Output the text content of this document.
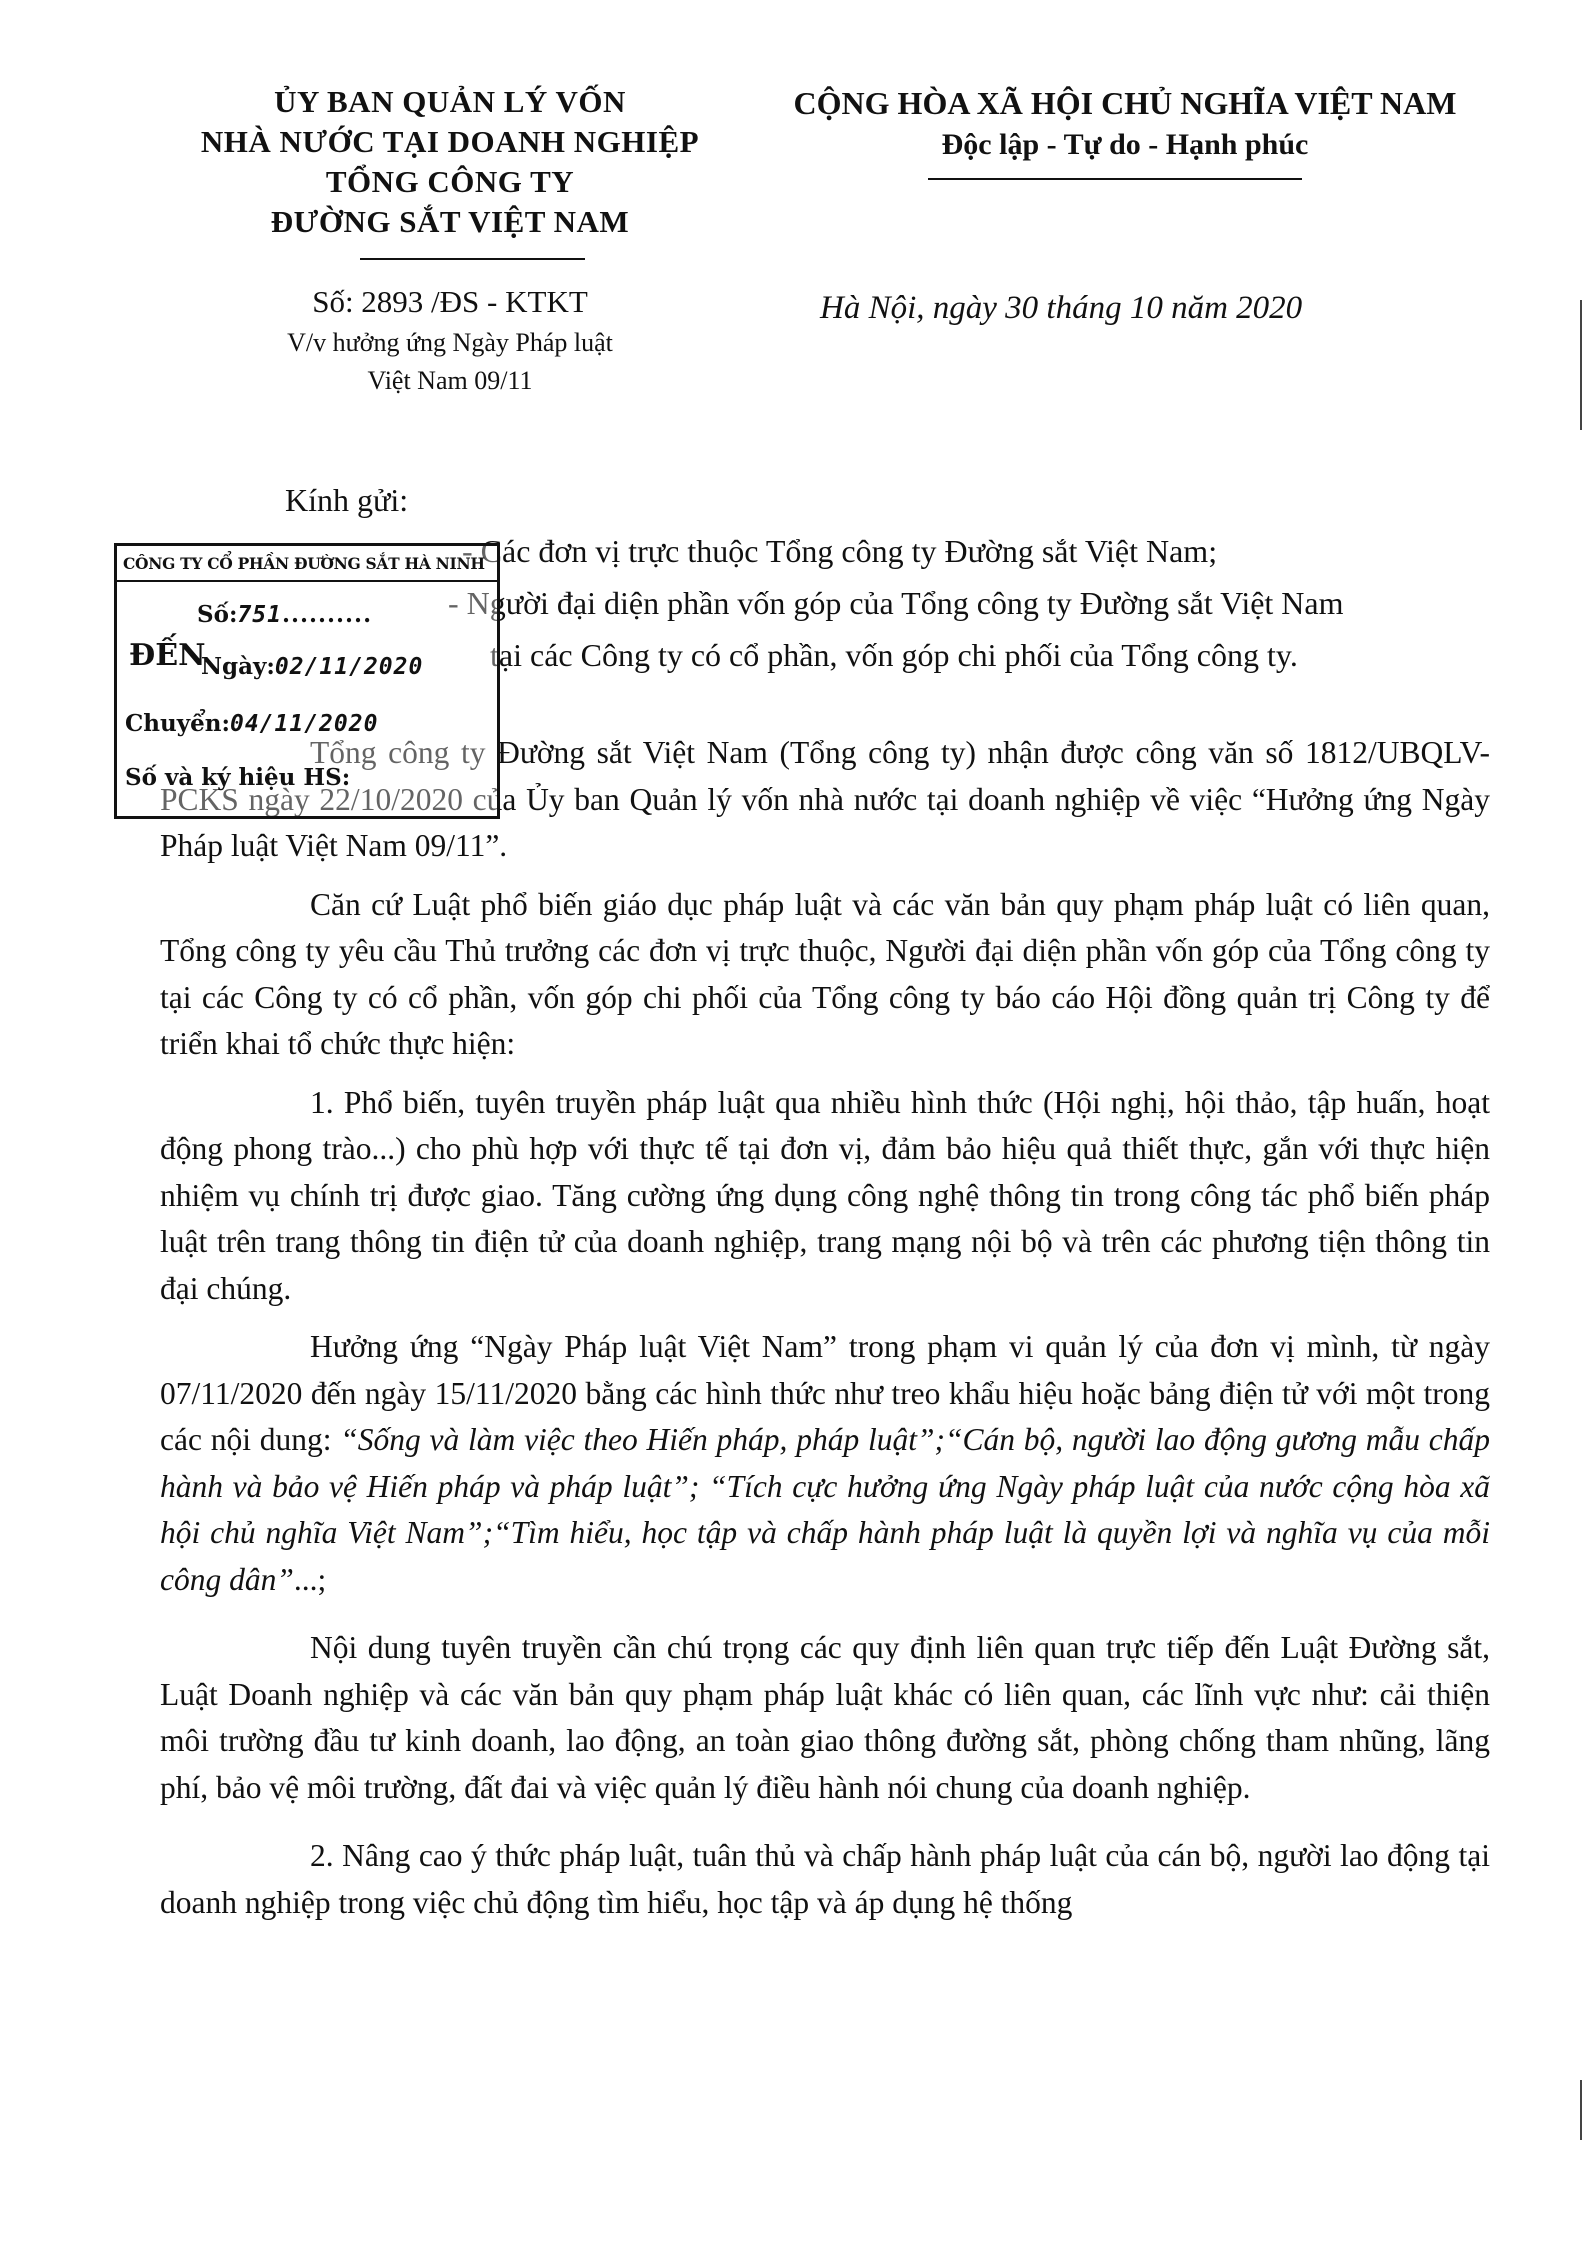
ỦY BAN QUẢN LÝ VỐN
NHÀ NƯỚC TẠI DOANH NGHIỆP
TỔNG CÔNG TY
ĐƯỜNG SẮT VIỆT NAM
CỘNG HÒA XÃ HỘI CHỦ NGHĨA VIỆT NAM
Độc lập - Tự do - Hạnh phúc
Số: 2893 /ĐS - KTKT
V/v hưởng ứng Ngày Pháp luật
Việt Nam 09/11
Hà Nội, ngày 30 tháng 10 năm 2020
Kính gửi:
- Các đơn vị trực thuộc Tổng công ty Đường sắt Việt Nam;
- Người đại diện phần vốn góp của Tổng công ty Đường sắt Việt Nam
tại các Công ty có cổ phần, vốn góp chi phối của Tổng công ty.

Tổng công ty Đường sắt Việt Nam (Tổng công ty) nhận được công văn số 1812/UBQLV-PCKS ngày 22/10/2020 của Ủy ban Quản lý vốn nhà nước tại doanh nghiệp về việc “Hưởng ứng Ngày Pháp luật Việt Nam 09/11”.

Căn cứ Luật phổ biến giáo dục pháp luật và các văn bản quy phạm pháp luật có liên quan, Tổng công ty yêu cầu Thủ trưởng các đơn vị trực thuộc, Người đại diện phần vốn góp của Tổng công ty tại các Công ty có cổ phần, vốn góp chi phối của Tổng công ty báo cáo Hội đồng quản trị Công ty để triển khai tổ chức thực hiện:

1. Phổ biến, tuyên truyền pháp luật qua nhiều hình thức (Hội nghị, hội thảo, tập huấn, hoạt động phong trào...) cho phù hợp với thực tế tại đơn vị, đảm bảo hiệu quả thiết thực, gắn với thực hiện nhiệm vụ chính trị được giao. Tăng cường ứng dụng công nghệ thông tin trong công tác phổ biến pháp luật trên trang thông tin điện tử của doanh nghiệp, trang mạng nội bộ và trên các phương tiện thông tin đại chúng.

Hưởng ứng “Ngày Pháp luật Việt Nam” trong phạm vi quản lý của đơn vị mình, từ ngày 07/11/2020 đến ngày 15/11/2020 bằng các hình thức như treo khẩu hiệu hoặc bảng điện tử với một trong các nội dung: “Sống và làm việc theo Hiến pháp, pháp luật”;“Cán bộ, người lao động gương mẫu chấp hành và bảo vệ Hiến pháp và pháp luật”; “Tích cực hưởng ứng Ngày pháp luật của nước cộng hòa xã hội chủ nghĩa Việt Nam”;“Tìm hiểu, học tập và chấp hành pháp luật là quyền lợi và nghĩa vụ của mỗi công dân”...;

Nội dung tuyên truyền cần chú trọng các quy định liên quan trực tiếp đến Luật Đường sắt, Luật Doanh nghiệp và các văn bản quy phạm pháp luật khác có liên quan, các lĩnh vực như: cải thiện môi trường đầu tư kinh doanh, lao động, an toàn giao thông đường sắt, phòng chống tham nhũng, lãng phí, bảo vệ môi trường, đất đai và việc quản lý điều hành nói chung của doanh nghiệp.

2. Nâng cao ý thức pháp luật, tuân thủ và chấp hành pháp luật của cán bộ, người lao động tại doanh nghiệp trong việc chủ động tìm hiểu, học tập và áp dụng hệ thống

CÔNG TY CỔ PHẦN ĐƯỜNG SẮT HÀ NINH
ĐẾN
Số:751..........
Ngày:02/11/2020
Chuyển:04/11/2020
Số và ký hiệu HS:
